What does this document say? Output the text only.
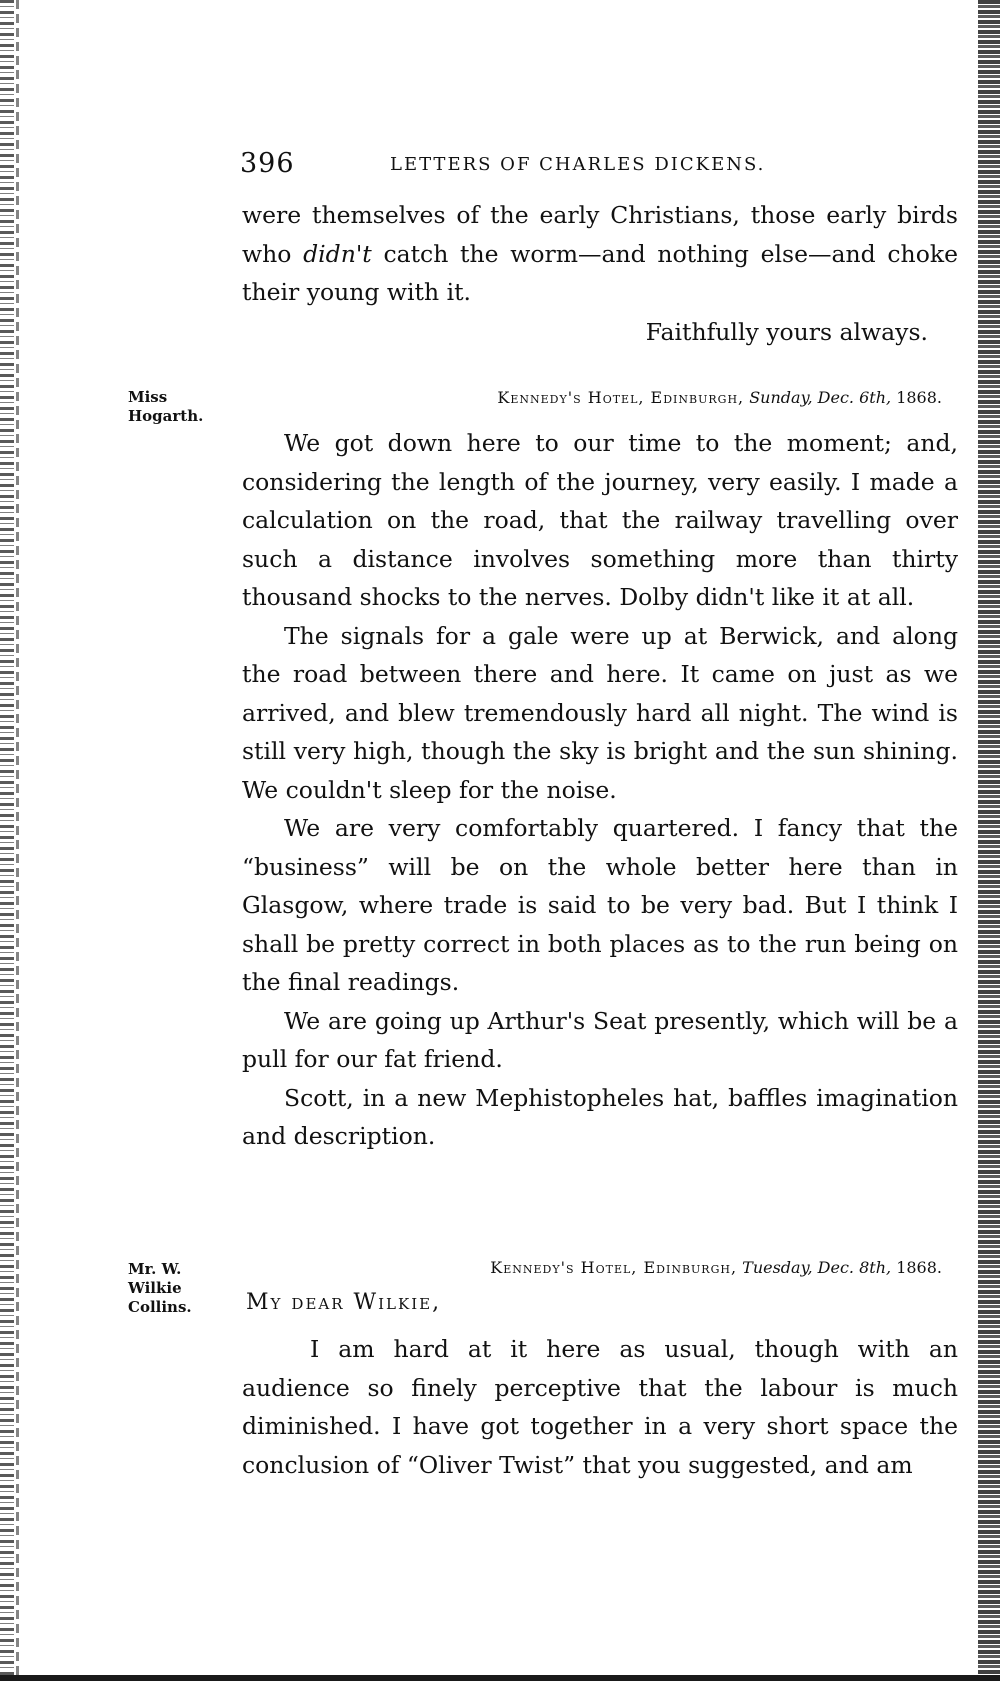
396	LETTERS OF CHARLES DICKENS.
were themselves of the early Christians, those early birds
who didn't catch the worm—and nothing else—and choke
their young with it.
Faithfully yours always.
Miss
Hogarth.
Kennedy's Hotel, Edinburgh, Sunday, Dec. 6th, 1868.

We got down here to our time to the moment; and, considering the length of the journey, very easily. I made a calculation on the road, that the railway travelling over such a distance involves something more than thirty thousand shocks to the nerves. Dolby didn't like it at all.

The signals for a gale were up at Berwick, and along the road between there and here. It came on just as we arrived, and blew tremendously hard all night. The wind is still very high, though the sky is bright and the sun shining. We couldn't sleep for the noise.

We are very comfortably quartered. I fancy that the “business” will be on the whole better here than in Glasgow, where trade is said to be very bad. But I think I shall be pretty correct in both places as to the run being on the final readings.

We are going up Arthur's Seat presently, which will be a pull for our fat friend.

Scott, in a new Mephistopheles hat, baffles imagination and description.

Mr. W.
Wilkie
Collins.
Kennedy's Hotel, Edinburgh, Tuesday, Dec. 8th, 1868.
My dear Wilkie,

I am hard at it here as usual, though with an audience so finely perceptive that the labour is much diminished. I have got together in a very short space the conclusion of “Oliver Twist” that you suggested, and am
